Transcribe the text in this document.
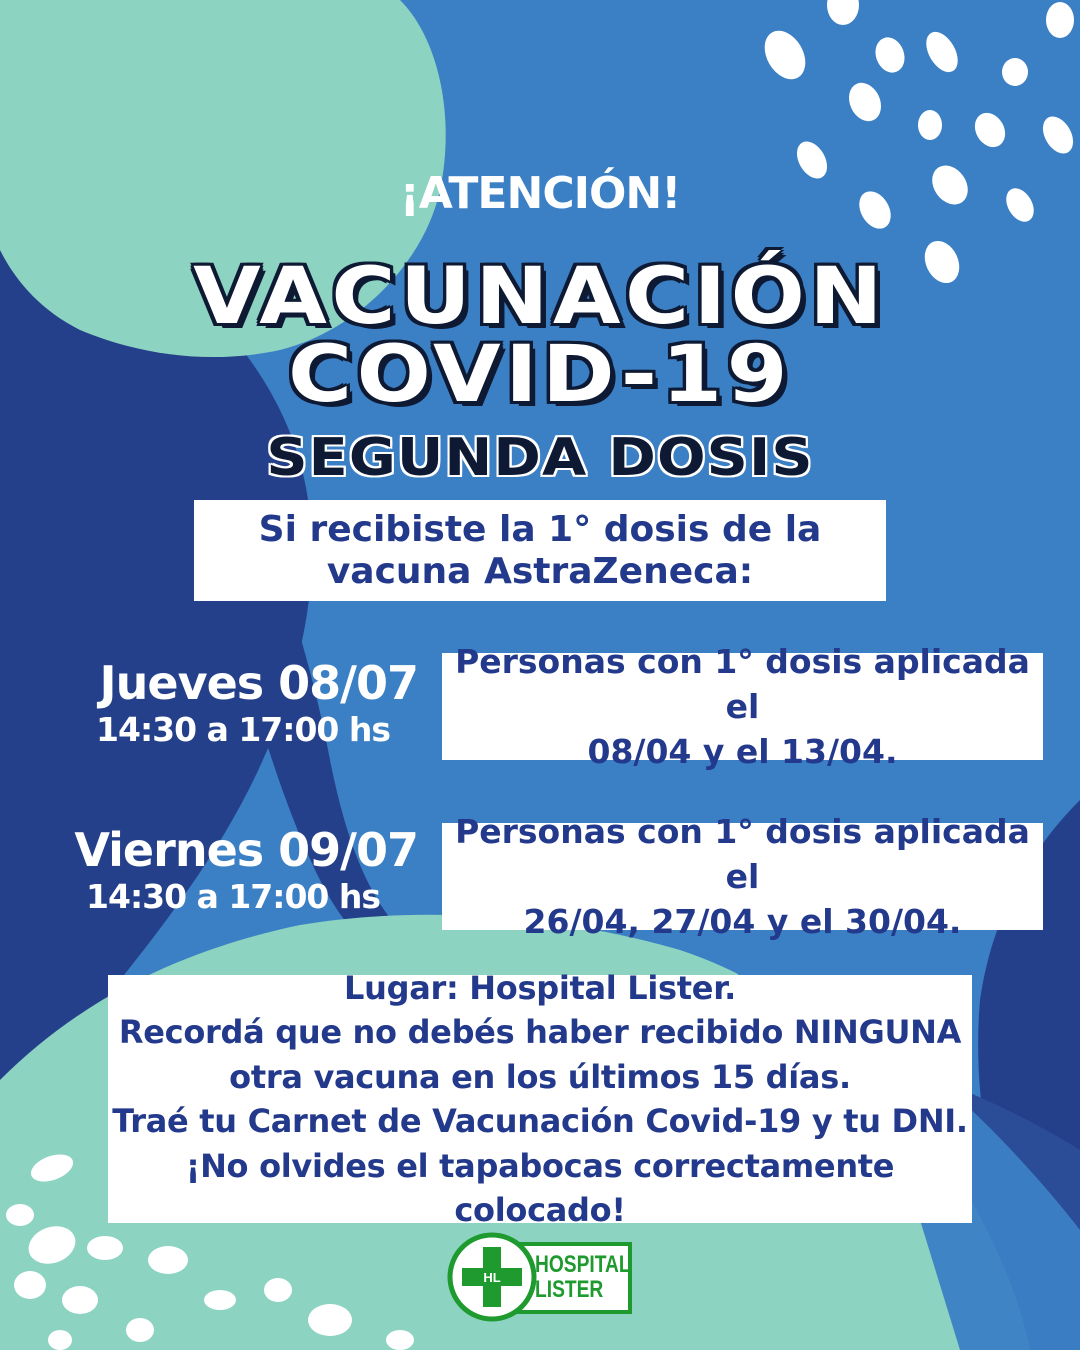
¡ATENCIÓN!
VACUNACIÓN
COVID-19
SEGUNDA DOSIS
Si recibiste la 1° dosis de la
vacuna AstraZeneca:
Jueves 08/07
14:30 a 17:00 hs
Personas con 1° dosis aplicada el
08/04 y el 13/04.
Viernes 09/07
14:30 a 17:00 hs
Personas con 1° dosis aplicada el
26/04, 27/04 y el 30/04.
Lugar: Hospital Lister.
Recordá que no debés haber recibido NINGUNA
otra vacuna en los últimos 15 días.
Traé tu Carnet de Vacunación Covid-19 y tu DNI.
¡No olvides el tapabocas correctamente colocado!
HL HOSPITAL
LISTER
